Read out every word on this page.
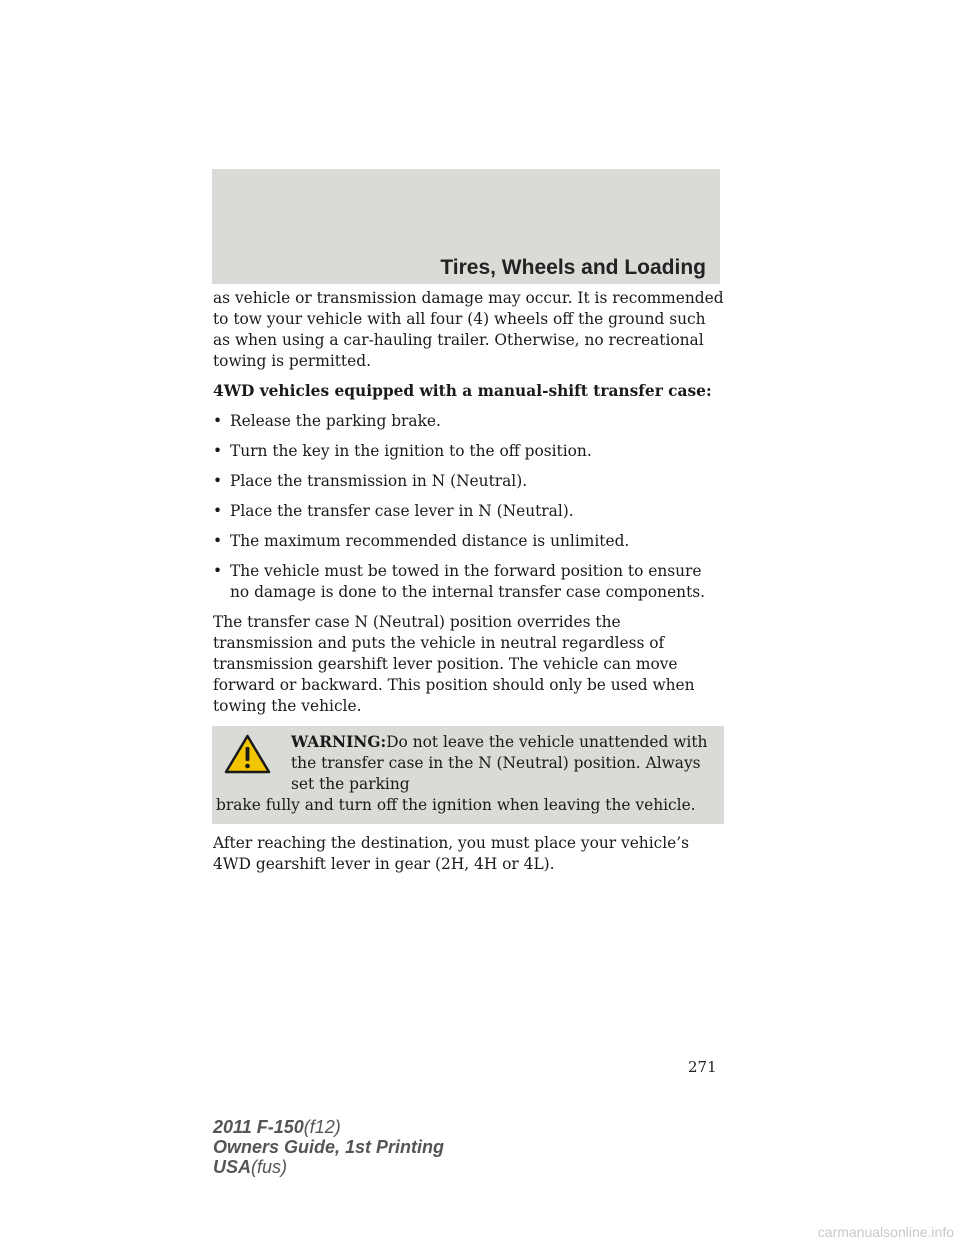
Tires, Wheels and Loading

as vehicle or transmission damage may occur. It is recommended to tow your vehicle with all four (4) wheels off the ground such as when using a car-hauling trailer. Otherwise, no recreational towing is permitted.

4WD vehicles equipped with a manual-shift transfer case:

• Release the parking brake.
• Turn the key in the ignition to the off position.
• Place the transmission in N (Neutral).
• Place the transfer case lever in N (Neutral).
• The maximum recommended distance is unlimited.
• The vehicle must be towed in the forward position to ensure no damage is done to the internal transfer case components.

The transfer case N (Neutral) position overrides the transmission and puts the vehicle in neutral regardless of transmission gearshift lever position. The vehicle can move forward or backward. This position should only be used when towing the vehicle.

WARNING:Do not leave the vehicle unattended with the transfer case in the N (Neutral) position. Always set the parking
brake fully and turn off the ignition when leaving the vehicle.

After reaching the destination, you must place your vehicle’s 4WD gearshift lever in gear (2H, 4H or 4L).

271
2011 F-150(f12)
Owners Guide, 1st Printing
USA(fus)
carmanualsonline.info
